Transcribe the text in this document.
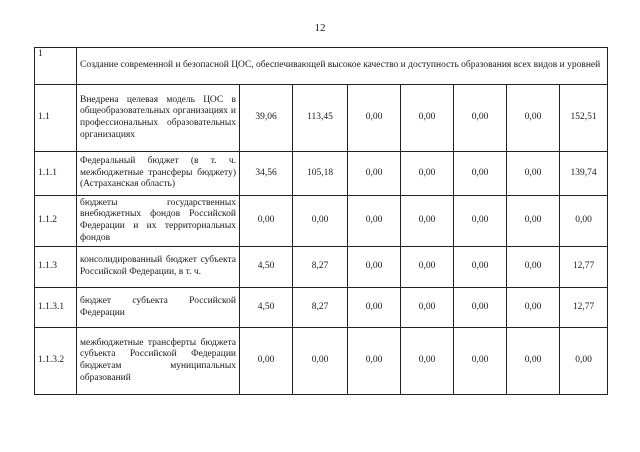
12
1	Создание современной и безопасной ЦОС, обеспечивающей высокое качество и доступность образования всех видов и уровней							
1.1	Внедрена целевая модель ЦОС в общеобразовательных организациях и профессиональных образовательных организациях	39,06	113,45	0,00	0,00	0,00	0,00	152,51
1.1.1	Федеральный бюджет (в т. ч. межбюджетные трансферы бюджету) (Астраханская область)	34,56	105,18	0,00	0,00	0,00	0,00	139,74
1.1.2	бюджеты государственных внебюджетных фондов Российской Федерации и их территориальных фондов	0,00	0,00	0,00	0,00	0,00	0,00	0,00
1.1.3	консолидированный бюджет субъекта Российской Федерации, в т. ч.	4,50	8,27	0,00	0,00	0,00	0,00	12,77
1.1.3.1	бюджет субъекта Российской Федерации	4,50	8,27	0,00	0,00	0,00	0,00	12,77
1.1.3.2	межбюджетные трансферты бюджета субъекта Российской Федерации бюджетам муниципальных образований	0,00	0,00	0,00	0,00	0,00	0,00	0,00
